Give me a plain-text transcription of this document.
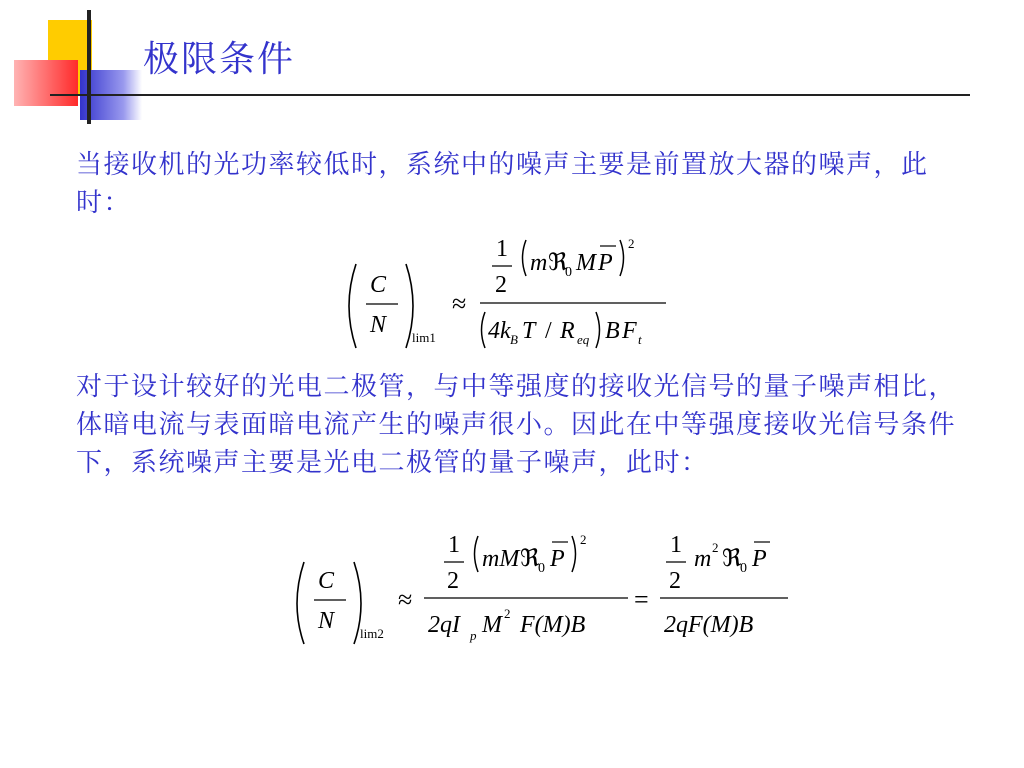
极限条件
当接收机的光功率较低时，系统中的噪声主要是前置放大器的噪声，此时：
C
N lim1
≈
1
2
m ℜ
0 M P
2
4k B T / R eq B F t
对于设计较好的光电二极管，与中等强度的接收光信号的量子噪声相比，体暗电流与表面暗电流产生的噪声很小。因此在中等强度接收光信号条件下，系统噪声主要是光电二极管的量子噪声，此时：
C
N lim2
≈
1
2
mM ℜ
0 P
2
2qI p M 2 F(M)B
=
1
2
m 2 ℜ
0 P
2qF(M)B
